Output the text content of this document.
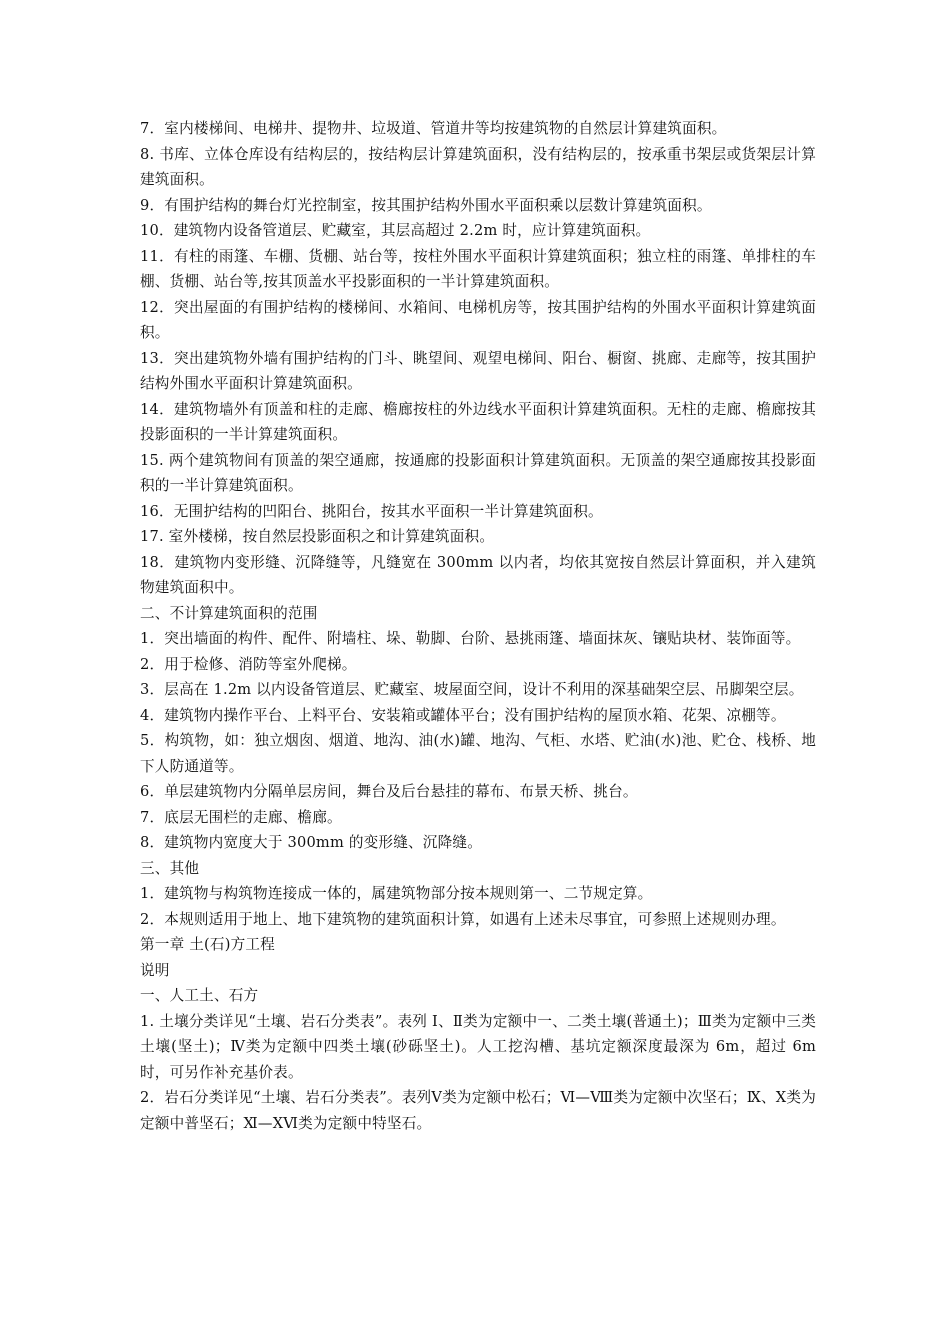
7．室内楼梯间、电梯井、提物井、垃圾道、管道井等均按建筑物的自然层计算建筑面积。

8. 书库、立体仓库设有结构层的，按结构层计算建筑面积，没有结构层的，按承重书架层或货架层计算建筑面积。

9．有围护结构的舞台灯光控制室，按其围护结构外围水平面积乘以层数计算建筑面积。

10．建筑物内设备管道层、贮藏室，其层高超过 2.2m 时，应计算建筑面积。

11．有柱的雨篷、车棚、货棚、站台等，按柱外围水平面积计算建筑面积；独立柱的雨篷、单排柱的车棚、货棚、站台等,按其顶盖水平投影面积的一半计算建筑面积。

12．突出屋面的有围护结构的楼梯间、水箱间、电梯机房等，按其围护结构的外围水平面积计算建筑面积。

13．突出建筑物外墙有围护结构的门斗、眺望间、观望电梯间、阳台、橱窗、挑廊、走廊等，按其围护结构外围水平面积计算建筑面积。

14．建筑物墙外有顶盖和柱的走廊、檐廊按柱的外边线水平面积计算建筑面积。无柱的走廊、檐廊按其投影面积的一半计算建筑面积。

15. 两个建筑物间有顶盖的架空通廊，按通廊的投影面积计算建筑面积。无顶盖的架空通廊按其投影面积的一半计算建筑面积。

16．无围护结构的凹阳台、挑阳台，按其水平面积一半计算建筑面积。

17. 室外楼梯，按自然层投影面积之和计算建筑面积。

18．建筑物内变形缝、沉降缝等，凡缝宽在 300mm 以内者，均依其宽按自然层计算面积，并入建筑物建筑面积中。

二、不计算建筑面积的范围

1．突出墙面的构件、配件、附墙柱、垛、勒脚、台阶、悬挑雨篷、墙面抹灰、镶贴块材、装饰面等。

2．用于检修、消防等室外爬梯。

3．层高在 1.2m 以内设备管道层、贮藏室、坡屋面空间，设计不利用的深基础架空层、吊脚架空层。

4．建筑物内操作平台、上料平台、安装箱或罐体平台；没有围护结构的屋顶水箱、花架、凉棚等。

5．构筑物，如：独立烟囱、烟道、地沟、油(水)罐、地沟、气柜、水塔、贮油(水)池、贮仓、栈桥、地下人防通道等。

6．单层建筑物内分隔单层房间，舞台及后台悬挂的幕布、布景天桥、挑台。

7．底层无围栏的走廊、檐廊。

8．建筑物内宽度大于 300mm 的变形缝、沉降缝。

三、其他

1．建筑物与构筑物连接成一体的，属建筑物部分按本规则第一、二节规定算。

2．本规则适用于地上、地下建筑物的建筑面积计算，如遇有上述未尽事宜，可参照上述规则办理。

第一章 土(石)方工程

说明

一、人工土、石方

1. 土壤分类详见“土壤、岩石分类表”。表列 Ⅰ、Ⅱ类为定额中一、二类土壤(普通土)；Ⅲ类为定额中三类土壤(坚土)；Ⅳ类为定额中四类土壤(砂砾坚土)。人工挖沟槽、基坑定额深度最深为 6m，超过 6m 时，可另作补充基价表。

2．岩石分类详见“土壤、岩石分类表”。表列Ⅴ类为定额中松石；Ⅵ—Ⅷ类为定额中次坚石；Ⅸ、Ⅹ类为定额中普坚石；Ⅺ—ⅩⅥ类为定额中特坚石。
